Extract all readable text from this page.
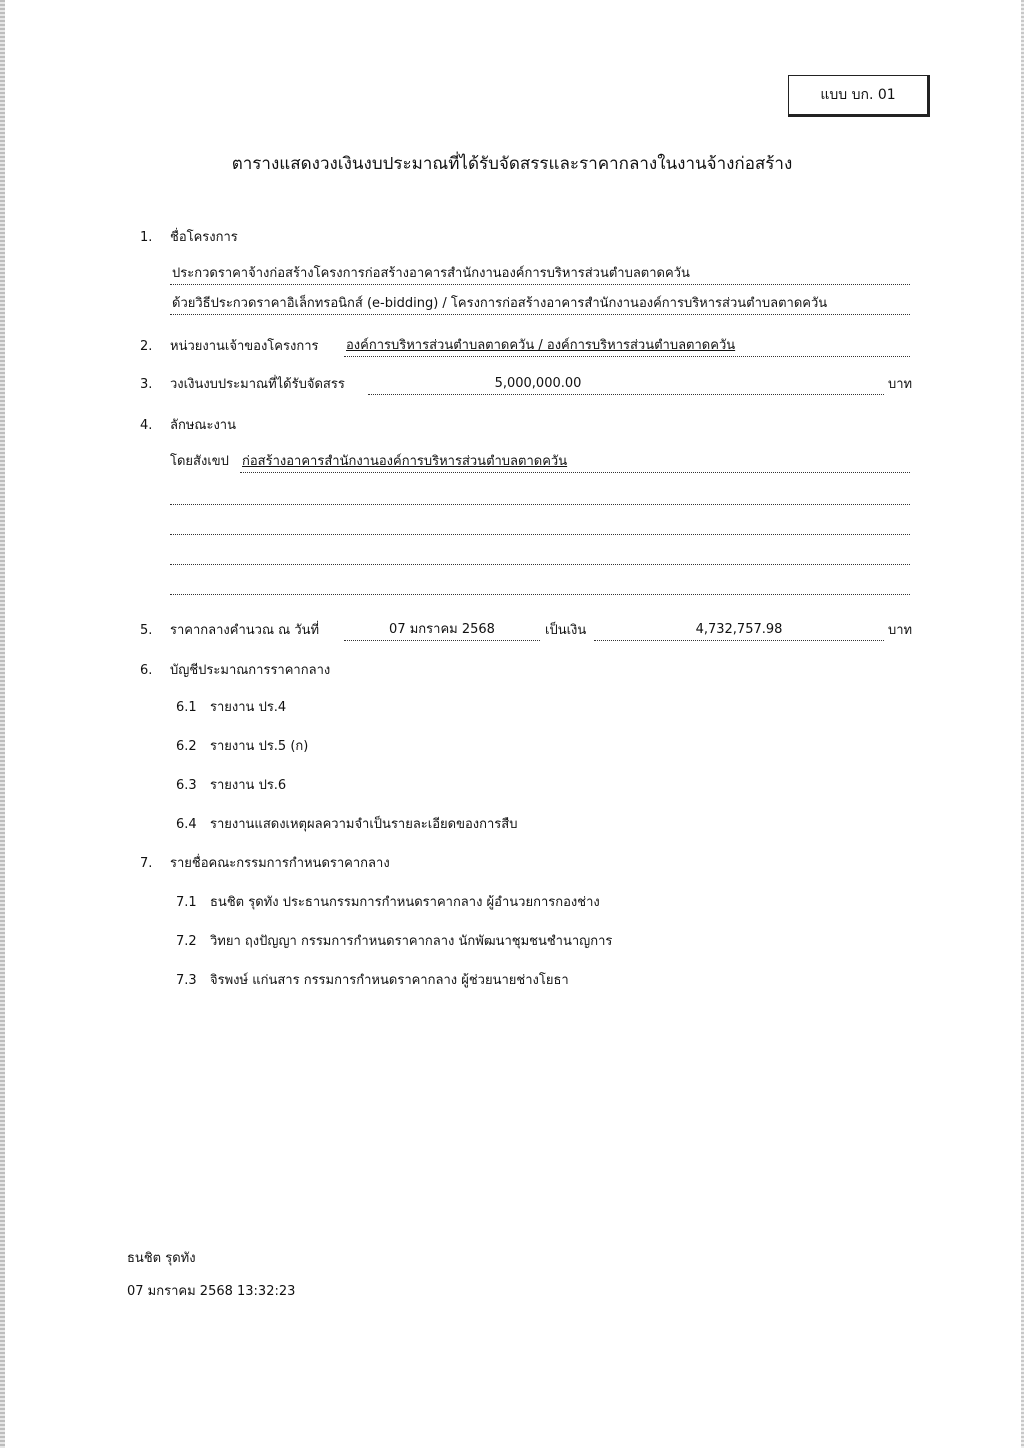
แบบ บก. 01
ตารางแสดงวงเงินงบประมาณที่ได้รับจัดสรรและราคากลางในงานจ้างก่อสร้าง
1.	ชื่อโครงการ
ประกวดราคาจ้างก่อสร้างโครงการก่อสร้างอาคารสำนักงานองค์การบริหารส่วนตำบลตาดควัน
ด้วยวิธีประกวดราคาอิเล็กทรอนิกส์ (e-bidding) / โครงการก่อสร้างอาคารสำนักงานองค์การบริหารส่วนตำบลตาดควัน
2.	หน่วยงานเจ้าของโครงการ องค์การบริหารส่วนตำบลตาดควัน / องค์การบริหารส่วนตำบลตาดควัน
3.	วงเงินงบประมาณที่ได้รับจัดสรร	5,000,000.00	บาท
4.	ลักษณะงาน
โดยสังเขป ก่อสร้างอาคารสำนักงานองค์การบริหารส่วนตำบลตาดควัน
5.	ราคากลางคำนวณ ณ วันที่	07 มกราคม 2568	เป็นเงิน	4,732,757.98	บาท
6.	บัญชีประมาณการราคากลาง
6.1 รายงาน ปร.4
6.2 รายงาน ปร.5 (ก)
6.3 รายงาน ปร.6
6.4 รายงานแสดงเหตุผลความจำเป็นรายละเอียดของการสืบ
7.	รายชื่อคณะกรรมการกำหนดราคากลาง
7.1 ธนชิต รุดทัง ประธานกรรมการกำหนดราคากลาง ผู้อำนวยการกองช่าง
7.2 วิทยา ฤงปัญญา กรรมการกำหนดราคากลาง นักพัฒนาชุมชนชำนาญการ
7.3 จิรพงษ์ แก่นสาร กรรมการกำหนดราคากลาง ผู้ช่วยนายช่างโยธา
ธนชิต รุดทัง
07 มกราคม 2568 13:32:23
